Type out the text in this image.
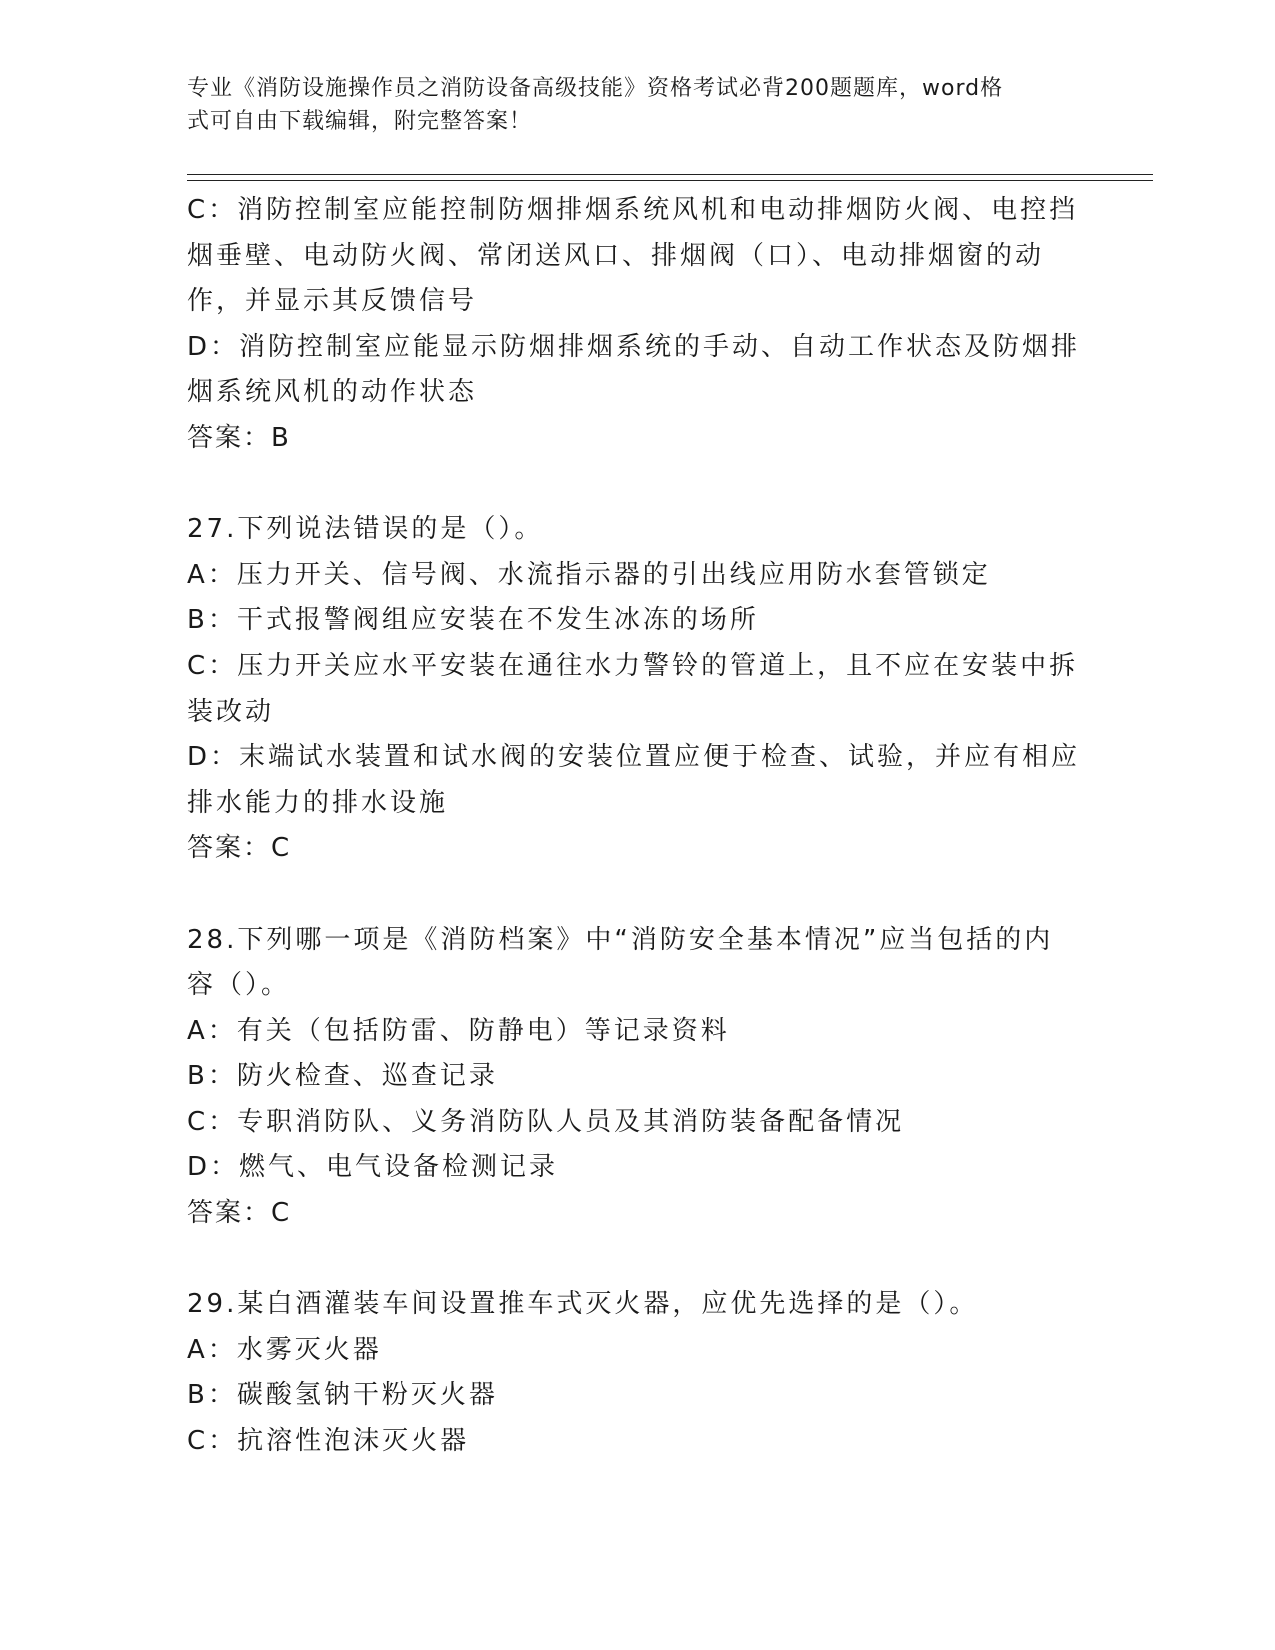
专业《消防设施操作员之消防设备高级技能》资格考试必背200题题库，word格
式可自由下载编辑，附完整答案！

C：消防控制室应能控制防烟排烟系统风机和电动排烟防火阀、电控挡

烟垂壁、电动防火阀、常闭送风口、排烟阀（口）、电动排烟窗的动

作，并显示其反馈信号

D：消防控制室应能显示防烟排烟系统的手动、自动工作状态及防烟排

烟系统风机的动作状态

答案：B

27.下列说法错误的是（）。

A：压力开关、信号阀、水流指示器的引出线应用防水套管锁定

B：干式报警阀组应安装在不发生冰冻的场所

C：压力开关应水平安装在通往水力警铃的管道上，且不应在安装中拆

装改动

D：末端试水装置和试水阀的安装位置应便于检查、试验，并应有相应

排水能力的排水设施

答案：C

28.下列哪一项是《消防档案》中“消防安全基本情况”应当包括的内

容（）。

A：有关（包括防雷、防静电）等记录资料

B：防火检查、巡查记录

C：专职消防队、义务消防队人员及其消防装备配备情况

D：燃气、电气设备检测记录

答案：C

29.某白酒灌装车间设置推车式灭火器，应优先选择的是（）。

A：水雾灭火器

B：碳酸氢钠干粉灭火器

C：抗溶性泡沫灭火器
